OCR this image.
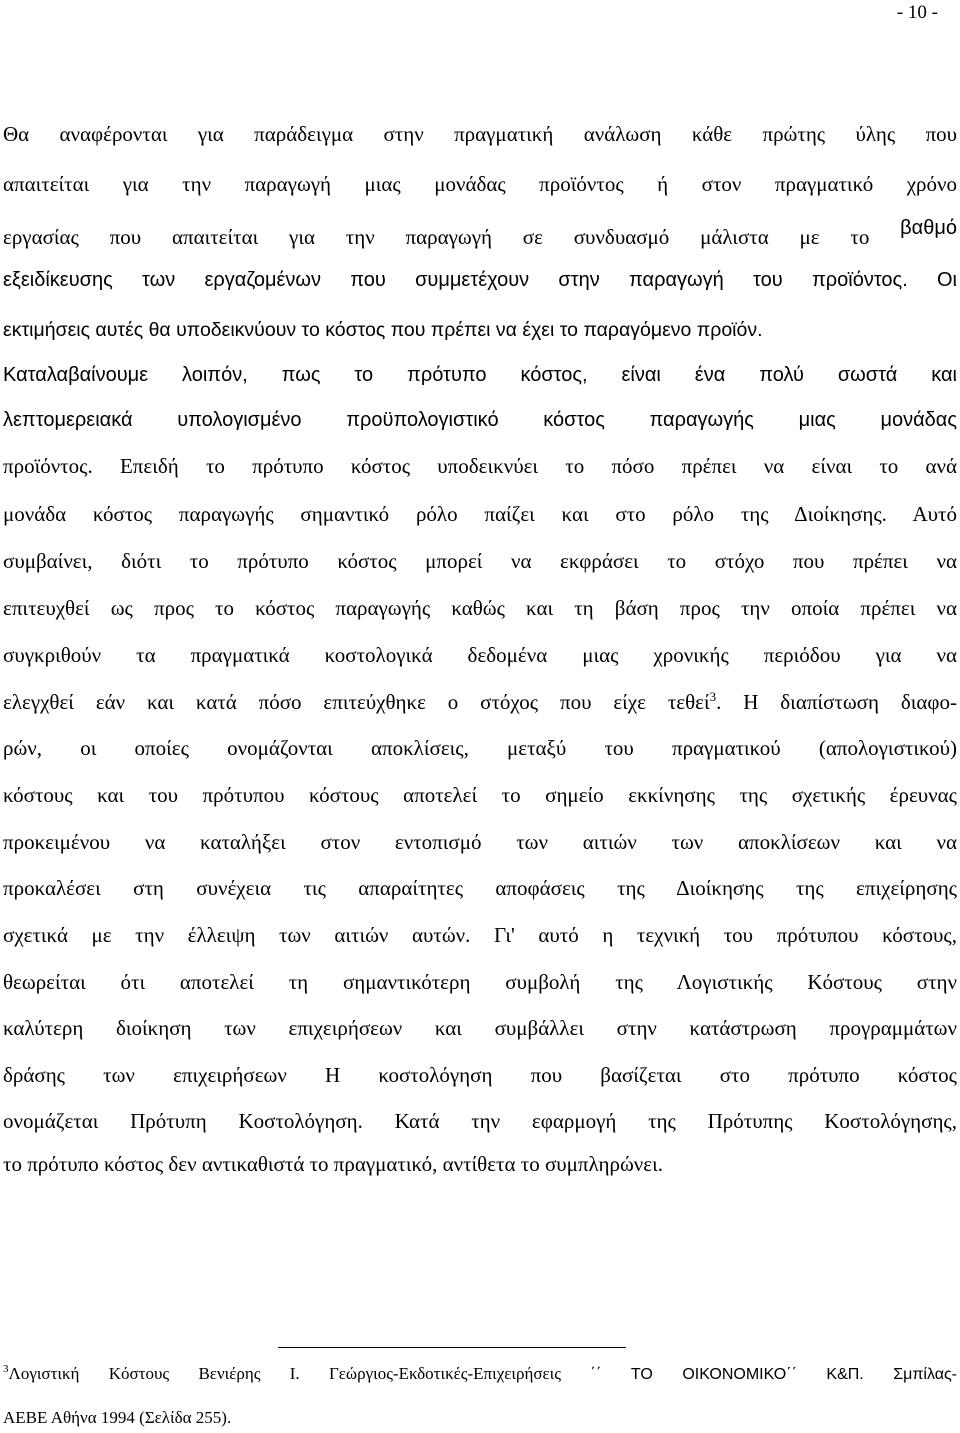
- 10 -
Θα αναφέρονται για παράδειγμα στην πραγματική ανάλωση κάθε πρώτης ύλης που
απαιτείται για την παραγωγή μιας μονάδας προϊόντος ή στον πραγματικό χρόνο
εργασίας που απαιτείται για την παραγωγή σε συνδυασμό μάλιστα με το βαθμό
εξειδίκευσης των εργαζομένων που συμμετέχουν στην παραγωγή του προϊόντος. Οι
εκτιμήσεις αυτές θα υποδεικνύουν το κόστος που πρέπει να έχει το παραγόμενο προϊόν.
Καταλαβαίνουμε λοιπόν, πως το πρότυπο κόστος, είναι ένα πολύ σωστά και
λεπτομερειακά υπολογισμένο προϋπολογιστικό κόστος παραγωγής μιας μονάδας
προϊόντος. Επειδή το πρότυπο κόστος υποδεικνύει το πόσο πρέπει να είναι το ανά
μονάδα κόστος παραγωγής σημαντικό ρόλο παίζει και στο ρόλο της Διοίκησης. Αυτό
συμβαίνει, διότι το πρότυπο κόστος μπορεί να εκφράσει το στόχο που πρέπει να
επιτευχθεί ως προς το κόστος παραγωγής καθώς και τη βάση προς την οποία πρέπει να
συγκριθούν τα πραγματικά κοστολογικά δεδομένα μιας χρονικής περιόδου για να
ελεγχθεί εάν και κατά πόσο επιτεύχθηκε ο στόχος που είχε τεθεί$^3$. Η διαπίστωση διαφο-
ρών, οι οποίες ονομάζονται αποκλίσεις, μεταξύ του πραγματικού (απολογιστικού)
κόστους και του πρότυπου κόστους αποτελεί το σημείο εκκίνησης της σχετικής έρευνας
προκειμένου να καταλήξει στον εντοπισμό των αιτιών των αποκλίσεων και να
προκαλέσει στη συνέχεια τις απαραίτητες αποφάσεις της Διοίκησης της επιχείρησης
σχετικά με την έλλειψη των αιτιών αυτών. Γι' αυτό η τεχνική του πρότυπου κόστους,
θεωρείται ότι αποτελεί τη σημαντικότερη συμβολή της Λογιστικής Κόστους στην
καλύτερη διοίκηση των επιχειρήσεων και συμβάλλει στην κατάστρωση προγραμμάτων
δράσης των επιχειρήσεων Η κοστολόγηση που βασίζεται στο πρότυπο κόστος
ονομάζεται Πρότυπη Κοστολόγηση. Κατά την εφαρμογή της Πρότυπης Κοστολόγησης,
το πρότυπο κόστος δεν αντικαθιστά το πραγματικό, αντίθετα το συμπληρώνει.
$^3$Λογιστική Κόστους Βενιέρης Ι. Γεώργιος-Εκδοτικές-Επιχειρήσεις ΄΄ ΤΟ ΟΙΚΟΝΟΜΙΚΟ΄΄ Κ&Π. Σμπίλας-
ΑΕΒΕ Αθήνα 1994 (Σελίδα 255).
